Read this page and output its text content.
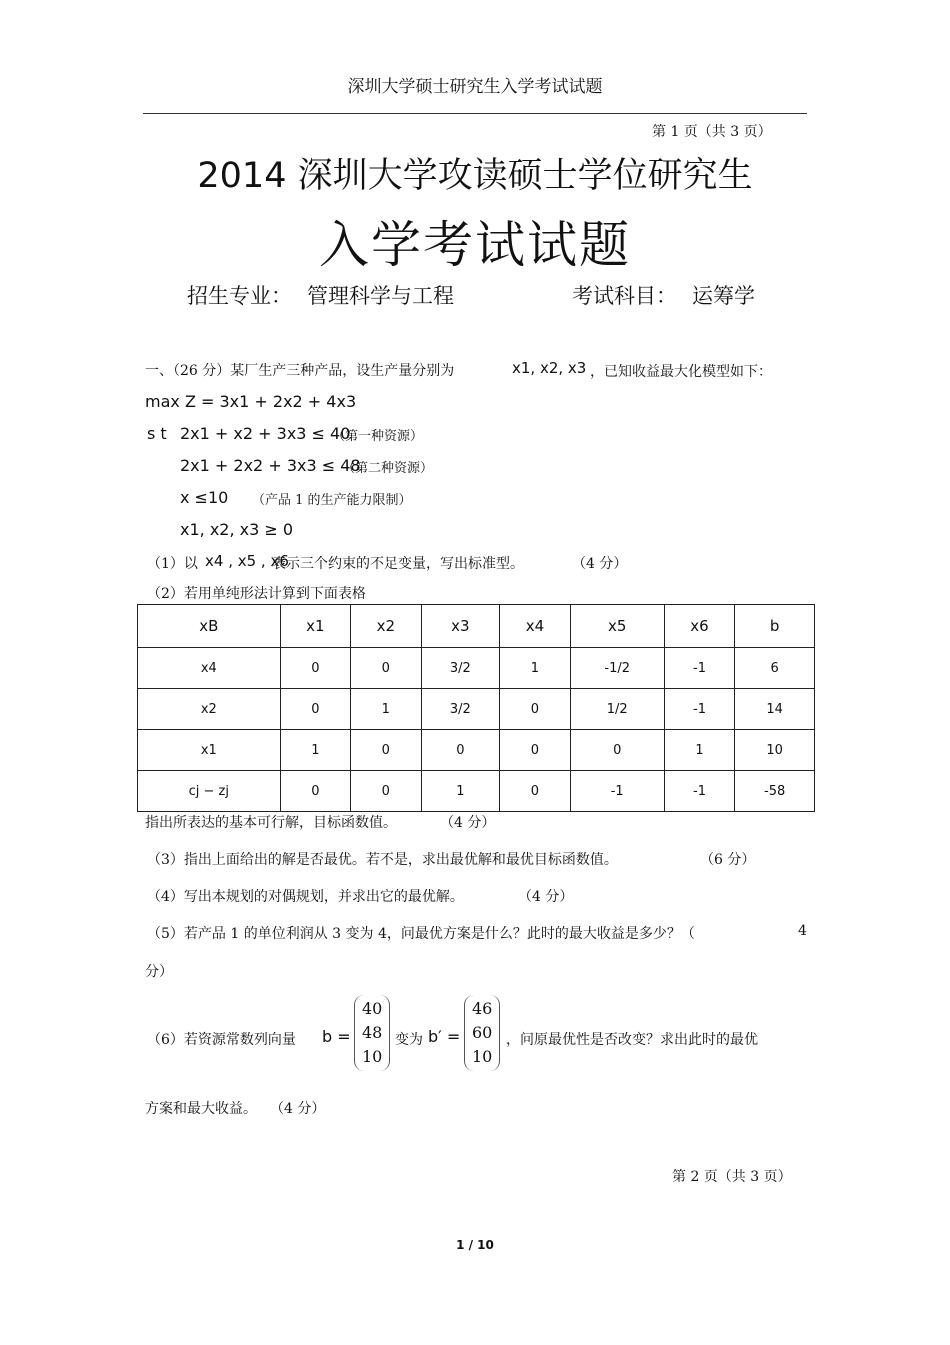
深圳大学硕士研究生入学考试试题
第 1 页（共 3 页）
2014 深圳大学攻读硕士学位研究生
入学考试试题
招生专业： 管理科学与工程	考试科目： 运筹学
一、（26 分）某厂生产三种产品，设生产量分别为	x1, x2, x3 ，已知收益最大化模型如下：
max Z = 3x1 + 2x2 + 4x3
s t 2x1 + x2 + 3x3 ≤ 40
（第一种资源）
2x1 + 2x2 + 3x3 ≤ 48
（第二种资源）
x ≤10 （产品 1 的生产能力限制）
x1, x2, x3 ≥ 0
（1）以 x4 , x5 , x6
表示三个约束的不足变量，写出标准型。	（4 分）
（2）若用单纯形法计算到下面表格
xB	x1	x2	x3	x4	x5	x6	b
x4	0	0	3/2	1	-1/2	-1	6
x2	0	1	3/2	0	1/2	-1	14
x1	1	0	0	0	0	1	10
cj − zj	0	0	1	0	-1	-1	-58
指出所表达的基本可行解，目标函数值。	（4 分）
（3）指出上面给出的解是否最优。若不是，求出最优解和最优目标函数值。	（6 分）
（4）写出本规划的对偶规划，并求出它的最优解。	（4 分）
（5）若产品 1 的单位利润从 3 变为 4，问最优方案是什么？此时的最大收益是多少？（	4
分）
（6）若资源常数列向量 b =
40
48
10
变为 b′ =
46
60
10
，问原最优性是否改变？求出此时的最优
方案和最大收益。 （4 分）
第 2 页（共 3 页）
1 / 10
